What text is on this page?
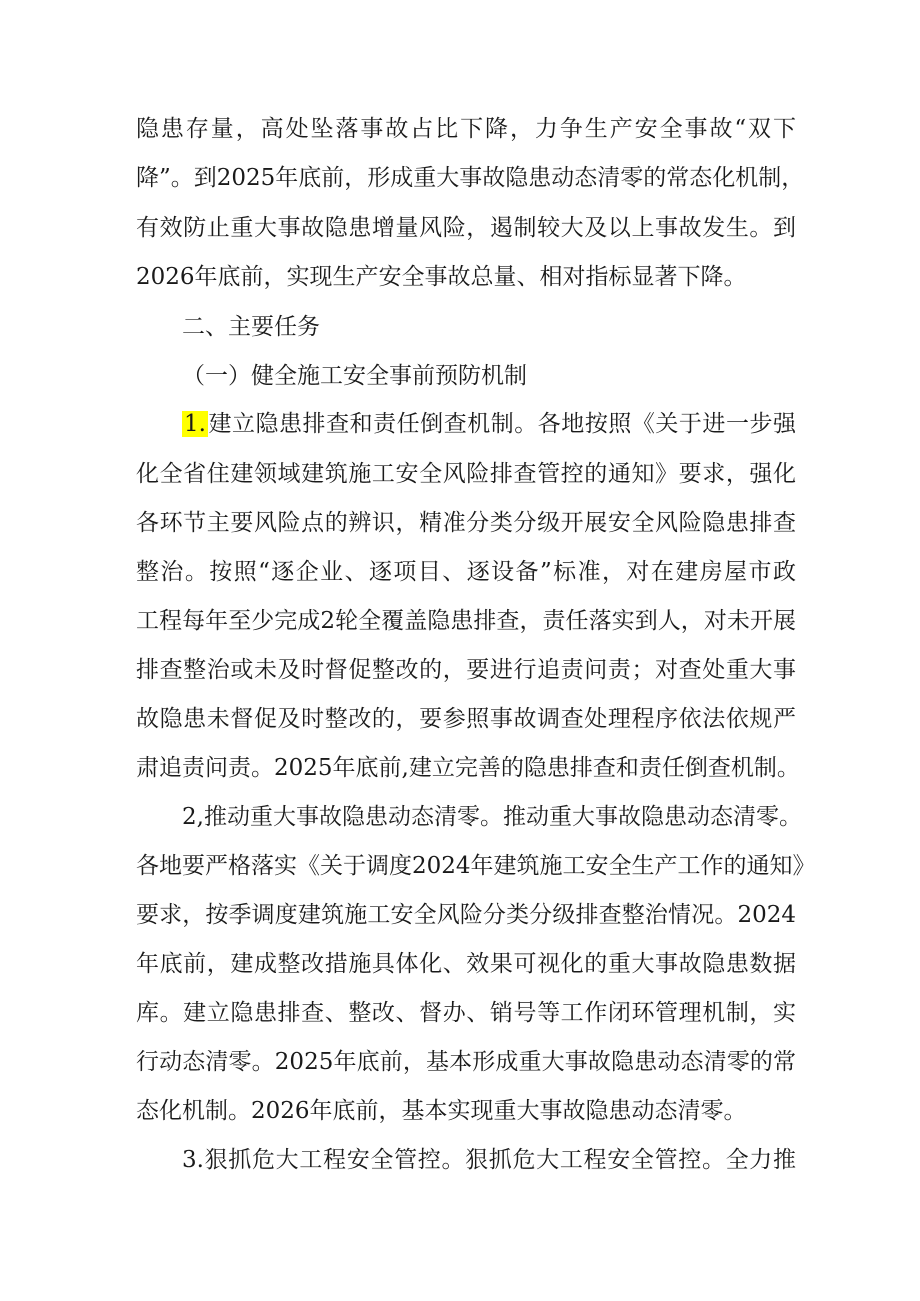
隐患存量，高处坠落事故占比下降，力争生产安全事故“双下
降”。到2025年底前，形成重大事故隐患动态清零的常态化机制，
有效防止重大事故隐患增量风险，遏制较大及以上事故发生。到
2026年底前，实现生产安全事故总量、相对指标显著下降。
二、主要任务
（一）健全施工安全事前预防机制
1.建立隐患排查和责任倒查机制。各地按照《关于进一步强
化全省住建领域建筑施工安全风险排查管控的通知》要求，强化
各环节主要风险点的辨识，精准分类分级开展安全风险隐患排查
整治。按照“逐企业、逐项目、逐设备”标准，对在建房屋市政
工程每年至少完成2轮全覆盖隐患排查，责任落实到人，对未开展
排查整治或未及时督促整改的，要进行追责问责；对查处重大事
故隐患未督促及时整改的，要参照事故调查处理程序依法依规严
肃追责问责。2025年底前,建立完善的隐患排查和责任倒查机制。
2,推动重大事故隐患动态清零。推动重大事故隐患动态清零。
各地要严格落实《关于调度2024年建筑施工安全生产工作的通知》
要求，按季调度建筑施工安全风险分类分级排查整治情况。2024
年底前，建成整改措施具体化、效果可视化的重大事故隐患数据
库。建立隐患排查、整改、督办、销号等工作闭环管理机制，实
行动态清零。2025年底前，基本形成重大事故隐患动态清零的常
态化机制。2026年底前，基本实现重大事故隐患动态清零。
3.狠抓危大工程安全管控。狠抓危大工程安全管控。全力推
